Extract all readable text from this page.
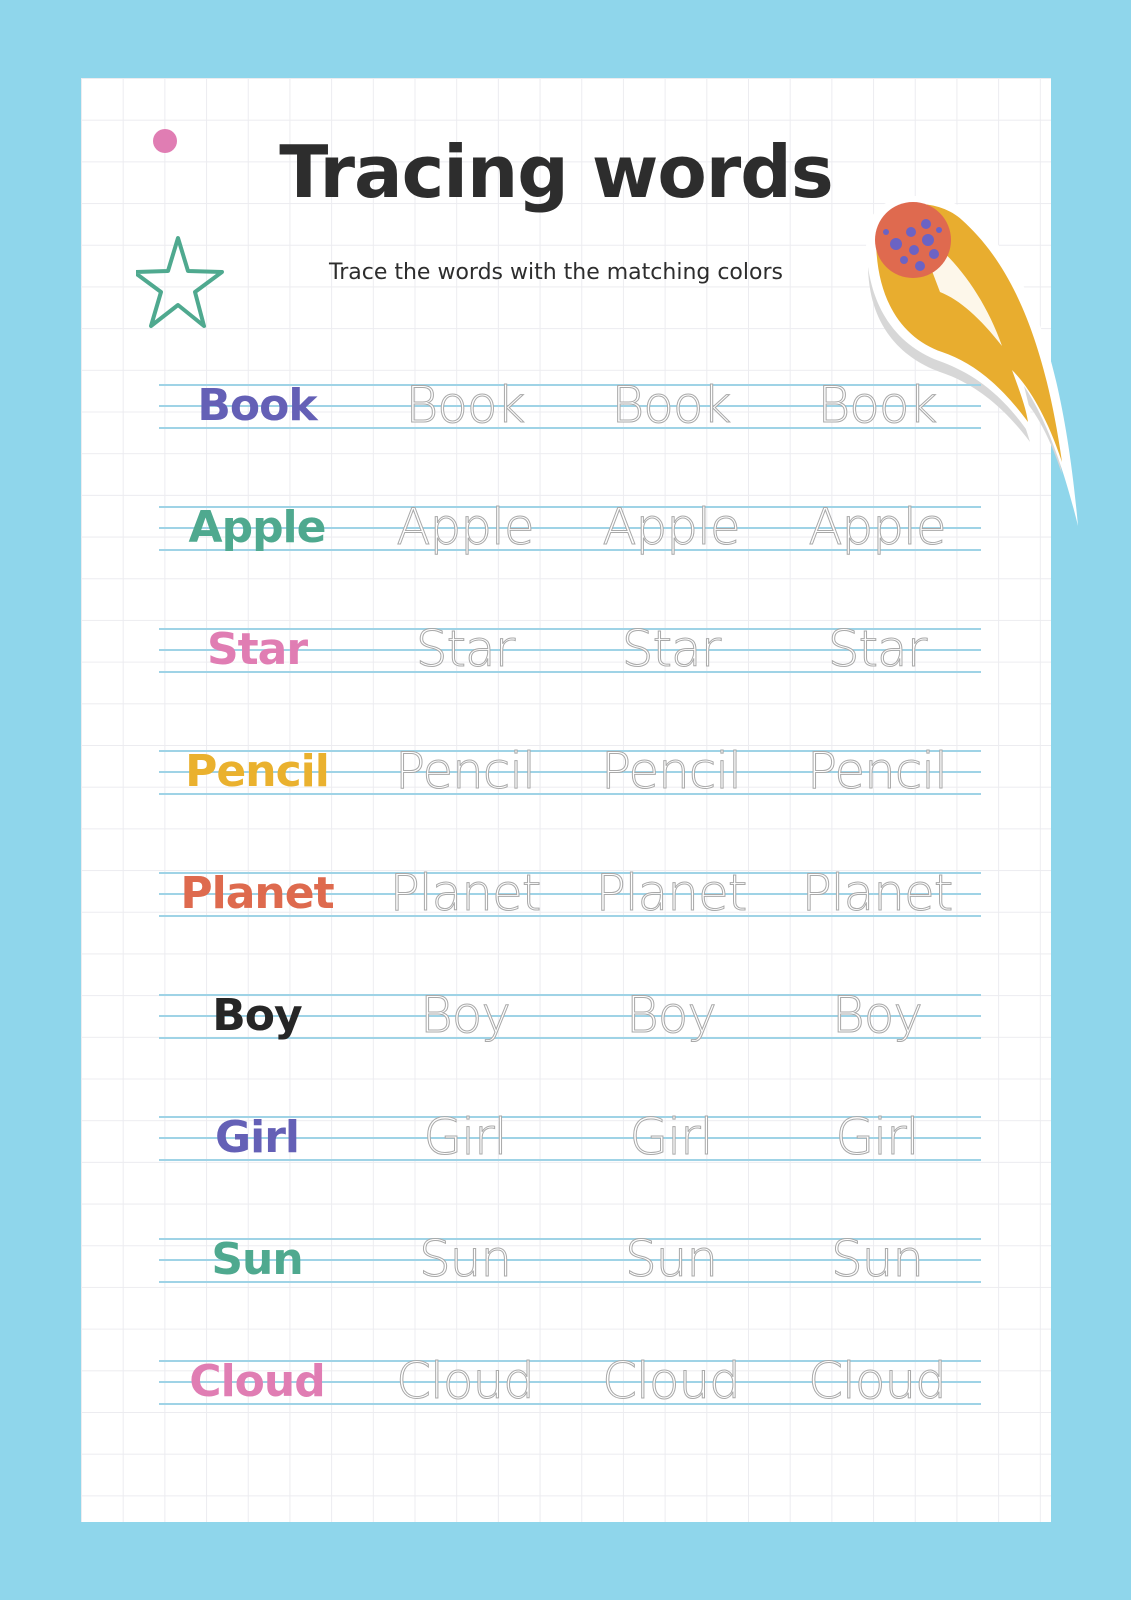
Tracing words
Trace the words with the matching colors
Book	Book	Book	Book
Apple	Apple	Apple	Apple
Star	Star	Star	Star
Pencil	Pencil	Pencil	Pencil
Planet	Planet	Planet	Planet
Boy	Boy	Boy	Boy
Girl	Girl	Girl	Girl
Sun	Sun	Sun	Sun
Cloud	Cloud	Cloud	Cloud
